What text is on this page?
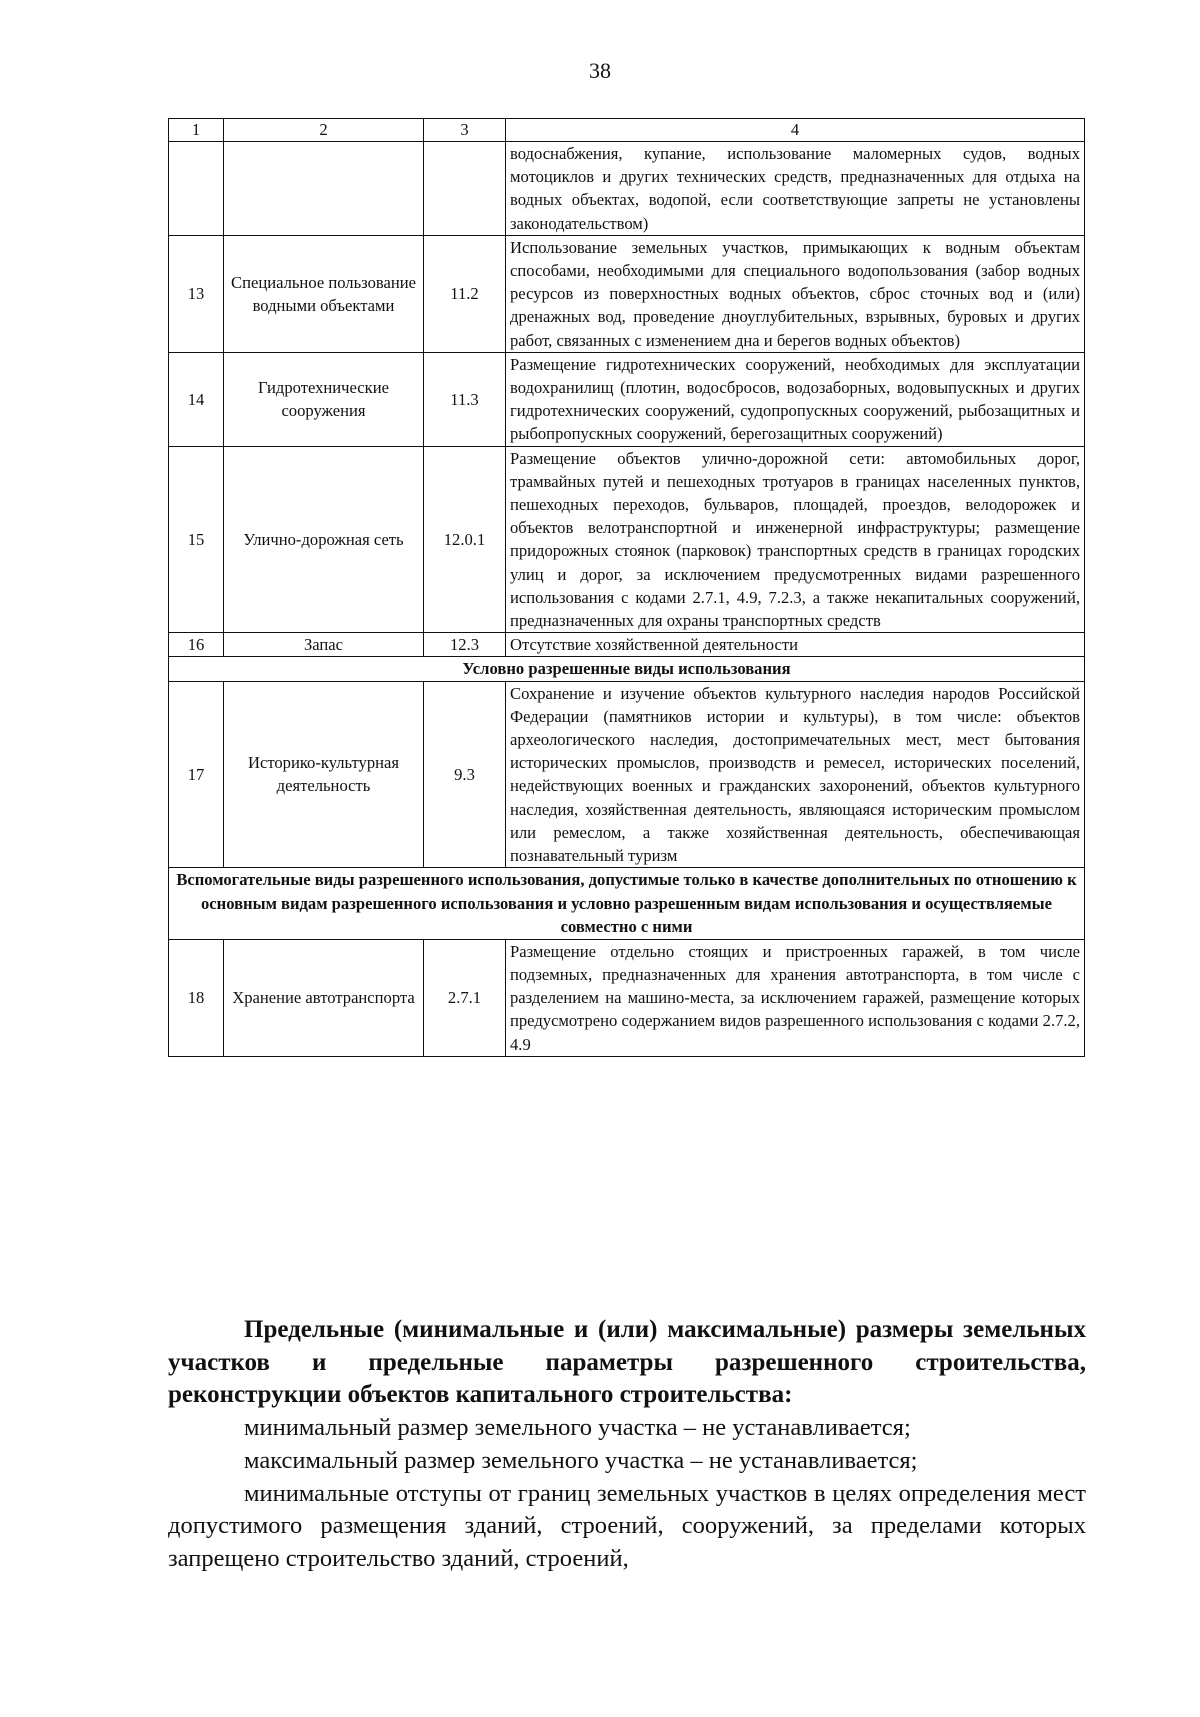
38
1	2	3	4
			водоснабжения, купание, использование маломерных судов, водных мотоциклов и других технических средств, предназначенных для отдыха на водных объектах, водопой, если соответствующие запреты не установлены законодательством)
13	Специальное пользование водными объектами	11.2	Использование земельных участков, примыкающих к водным объектам способами, необходимыми для специального водопользования (забор водных ресурсов из поверхностных водных объектов, сброс сточных вод и (или) дренажных вод, проведение дноуглубительных, взрывных, буровых и других работ, связанных с изменением дна и берегов водных объектов)
14	Гидротехнические сооружения	11.3	Размещение гидротехнических сооружений, необходимых для эксплуатации водохранилищ (плотин, водосбросов, водозаборных, водовыпускных и других гидротехнических сооружений, судопропускных сооружений, рыбозащитных и рыбопропускных сооружений, берегозащитных сооружений)
15	Улично-дорожная сеть	12.0.1	Размещение объектов улично-дорожной сети: автомобильных дорог, трамвайных путей и пешеходных тротуаров в границах населенных пунктов, пешеходных переходов, бульваров, площадей, проездов, велодорожек и объектов велотранспортной и инженерной инфраструктуры; размещение придорожных стоянок (парковок) транспортных средств в границах городских улиц и дорог, за исключением предусмотренных видами разрешенного использования с кодами 2.7.1, 4.9, 7.2.3, а также некапитальных сооружений, предназначенных для охраны транспортных средств
16	Запас	12.3	Отсутствие хозяйственной деятельности
Условно разрешенные виды использования			
17	Историко-культурная деятельность	9.3	Сохранение и изучение объектов культурного наследия народов Российской Федерации (памятников истории и культуры), в том числе: объектов археологического наследия, достопримечательных мест, мест бытования исторических промыслов, производств и ремесел, исторических поселений, недействующих военных и гражданских захоронений, объектов культурного наследия, хозяйственная деятельность, являющаяся историческим промыслом или ремеслом, а также хозяйственная деятельность, обеспечивающая познавательный туризм
Вспомогательные виды разрешенного использования, допустимые только в качестве дополнительных по отношению к основным видам разрешенного использования и условно разрешенным видам использования и осуществляемые совместно с ними			
18	Хранение автотранспорта	2.7.1	Размещение отдельно стоящих и пристроенных гаражей, в том числе подземных, предназначенных для хранения автотранспорта, в том числе с разделением на машино-места, за исключением гаражей, размещение которых предусмотрено содержанием видов разрешенного использования с кодами 2.7.2, 4.9

Предельные (минимальные и (или) максимальные) размеры земельных участков и предельные параметры разрешенного строительства, реконструкции объектов капитального строительства:

минимальный размер земельного участка – не устанавливается;

максимальный размер земельного участка – не устанавливается;

минимальные отступы от границ земельных участков в целях определения мест допустимого размещения зданий, строений, сооружений, за пределами которых запрещено строительство зданий, строений,
